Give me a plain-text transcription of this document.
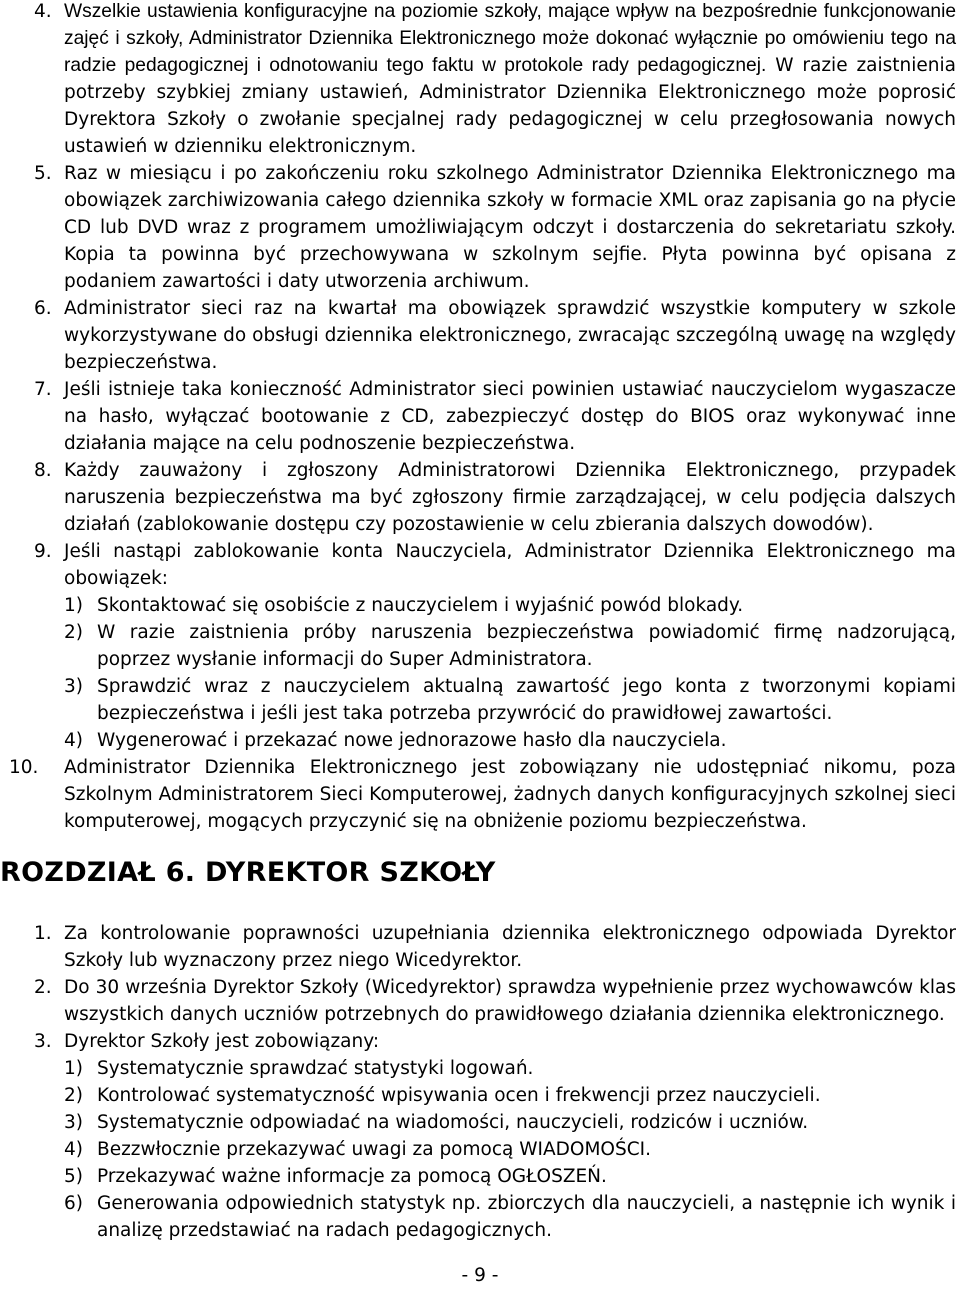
4. Wszelkie ustawienia konfiguracyjne na poziomie szkoły, mające wpływ na bezpośrednie funkcjonowanie zajęć i szkoły, Administrator Dziennika Elektronicznego może dokonać wyłącznie po omówieniu tego na radzie pedagogicznej i odnotowaniu tego faktu w protokole rady pedagogicznej. W razie zaistnienia potrzeby szybkiej zmiany ustawień, Administrator Dziennika Elektronicznego może poprosić Dyrektora Szkoły o zwołanie specjalnej rady pedagogicznej w celu przegłosowania nowych ustawień w dzienniku elektronicznym.
5. Raz w miesiącu i po zakończeniu roku szkolnego Administrator Dziennika Elektronicznego ma obowiązek zarchiwizowania całego dziennika szkoły w formacie XML oraz zapisania go na płycie CD lub DVD wraz z programem umożliwiającym odczyt i dostarczenia do sekretariatu szkoły. Kopia ta powinna być przechowywana w szkolnym sejfie. Płyta powinna być opisana z podaniem zawartości i daty utworzenia archiwum.
6. Administrator sieci raz na kwartał ma obowiązek sprawdzić wszystkie komputery w szkole wykorzystywane do obsługi dziennika elektronicznego, zwracając szczególną uwagę na względy bezpieczeństwa.
7. Jeśli istnieje taka konieczność Administrator sieci powinien ustawiać nauczycielom wygaszacze na hasło, wyłączać bootowanie z CD, zabezpieczyć dostęp do BIOS oraz wykonywać inne działania mające na celu podnoszenie bezpieczeństwa.
8. Każdy zauważony i zgłoszony Administratorowi Dziennika Elektronicznego, przypadek naruszenia bezpieczeństwa ma być zgłoszony firmie zarządzającej, w celu podjęcia dalszych działań (zablokowanie dostępu czy pozostawienie w celu zbierania dalszych dowodów).
9. Jeśli nastąpi zablokowanie konta Nauczyciela, Administrator Dziennika Elektronicznego ma obowiązek:
1) Skontaktować się osobiście z nauczycielem i wyjaśnić powód blokady.
2) W razie zaistnienia próby naruszenia bezpieczeństwa powiadomić firmę nadzorującą, poprzez wysłanie informacji do Super Administratora.
3) Sprawdzić wraz z nauczycielem aktualną zawartość jego konta z tworzonymi kopiami bezpieczeństwa i jeśli jest taka potrzeba przywrócić do prawidłowej zawartości.
4) Wygenerować i przekazać nowe jednorazowe hasło dla nauczyciela.
10. Administrator Dziennika Elektronicznego jest zobowiązany nie udostępniać nikomu, poza Szkolnym Administratorem Sieci Komputerowej, żadnych danych konfiguracyjnych szkolnej sieci komputerowej, mogących przyczynić się na obniżenie poziomu bezpieczeństwa.
ROZDZIAŁ 6. DYREKTOR SZKOŁY
1. Za kontrolowanie poprawności uzupełniania dziennika elektronicznego odpowiada Dyrektor Szkoły lub wyznaczony przez niego Wicedyrektor.
2. Do 30 września Dyrektor Szkoły (Wicedyrektor) sprawdza wypełnienie przez wychowawców klas wszystkich danych uczniów potrzebnych do prawidłowego działania dziennika elektronicznego.
3. Dyrektor Szkoły jest zobowiązany:
1) Systematycznie sprawdzać statystyki logowań.
2) Kontrolować systematyczność wpisywania ocen i frekwencji przez nauczycieli.
3) Systematycznie odpowiadać na wiadomości, nauczycieli, rodziców i uczniów.
4) Bezzwłocznie przekazywać uwagi za pomocą WIADOMOŚCI.
5) Przekazywać ważne informacje za pomocą OGŁOSZEŃ.
6) Generowania odpowiednich statystyk np. zbiorczych dla nauczycieli, a następnie ich wynik i analizę przedstawiać na radach pedagogicznych.
- 9 -
